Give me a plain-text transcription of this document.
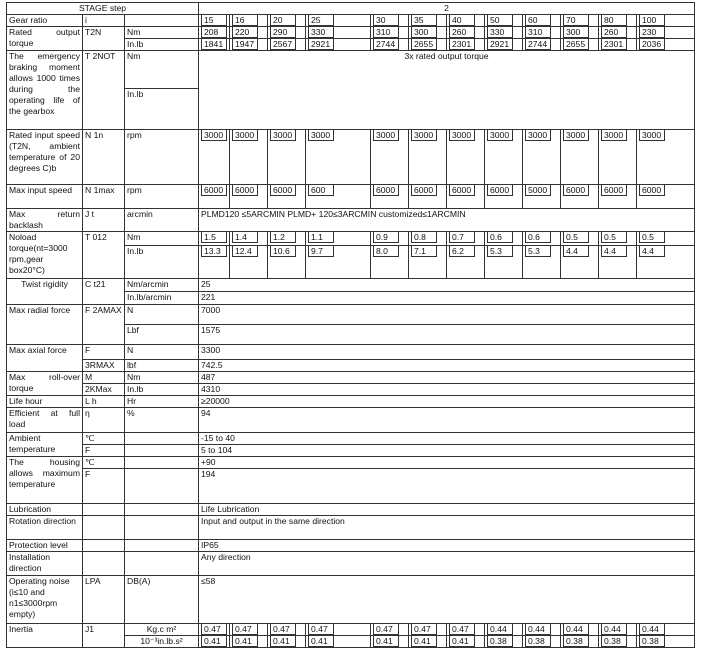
STAGE step			2											
Gear ratio	i		15	16	20	25	30	35	40	50	60	70	80	100
Rated output torque	T2N	Nm	208	220	290	330	310	300	260	330	310	300	260	230
		In.lb	1841	1947	2567	2921	2744	2655	2301	2921	2744	2655	2301	2036
The emergency braking moment allows 1000 times during the operating life of the gearbox	T 2NOT	Nm	3x rated output torque											
		In.lb												
Rated input speed (T2N, ambient temperature of 20 degrees C)b	N 1n	rpm	3000	3000	3000	3000	3000	3000	3000	3000	3000	3000	3000	3000
Max input speed	N 1max	rpm	6000	6000	6000	600	6000	6000	6000	6000	5000	6000	6000	6000
Max return backlash	J t	arcmin	PLMD120 ≤5ARCMIN PLMD+ 120≤3ARCMIN customized≤1ARCMIN											
Noload torque(nt=3000 rpm,gear box20°C)	T 012	Nm	1.5	1.4	1.2	1.1	0.9	0.8	0.7	0.6	0.6	0.5	0.5	0.5
		In.lb	13.3	12.4	10.6	9.7	8.0	7.1	6.2	5.3	5.3	4.4	4.4	4.4
Twist rigidity	C t21	Nm/arcmin	25											
		In.lb/arcmin	221											
Max radial force	F 2AMAX	N	7000											
		Lbf	1575											
Max axial force	F	N	3300											
	3RMAX	lbf	742.5											
Max roll-over torque	M	Nm	487											
	2KMax	In.lb	4310											
Life hour	L h	Hr	≥20000											
Efficient at full load	η	%	94											
Ambient temperature	℃		-15 to 40											
	F		5 to 104											
The housing allows maximum temperature	℃		+90											
	F		194											
Lubrication			Life Lubrication											
Rotation direction			Input and output in the same direction											
Protection level			IP65											
Installation direction			Any direction											
Operating noise (i≤10 and n1≤3000rpm empty)	LPA	DB(A)	≤58											
Inertia	J1	Kg.c m²	0.47	0.47	0.47	0.47	0.47	0.47	0.47	0.44	0.44	0.44	0.44	0.44
		10⁻³in.lb.s²	0.41	0.41	0.41	0.41	0.41	0.41	0.41	0.38	0.38	0.38	0.38	0.38
